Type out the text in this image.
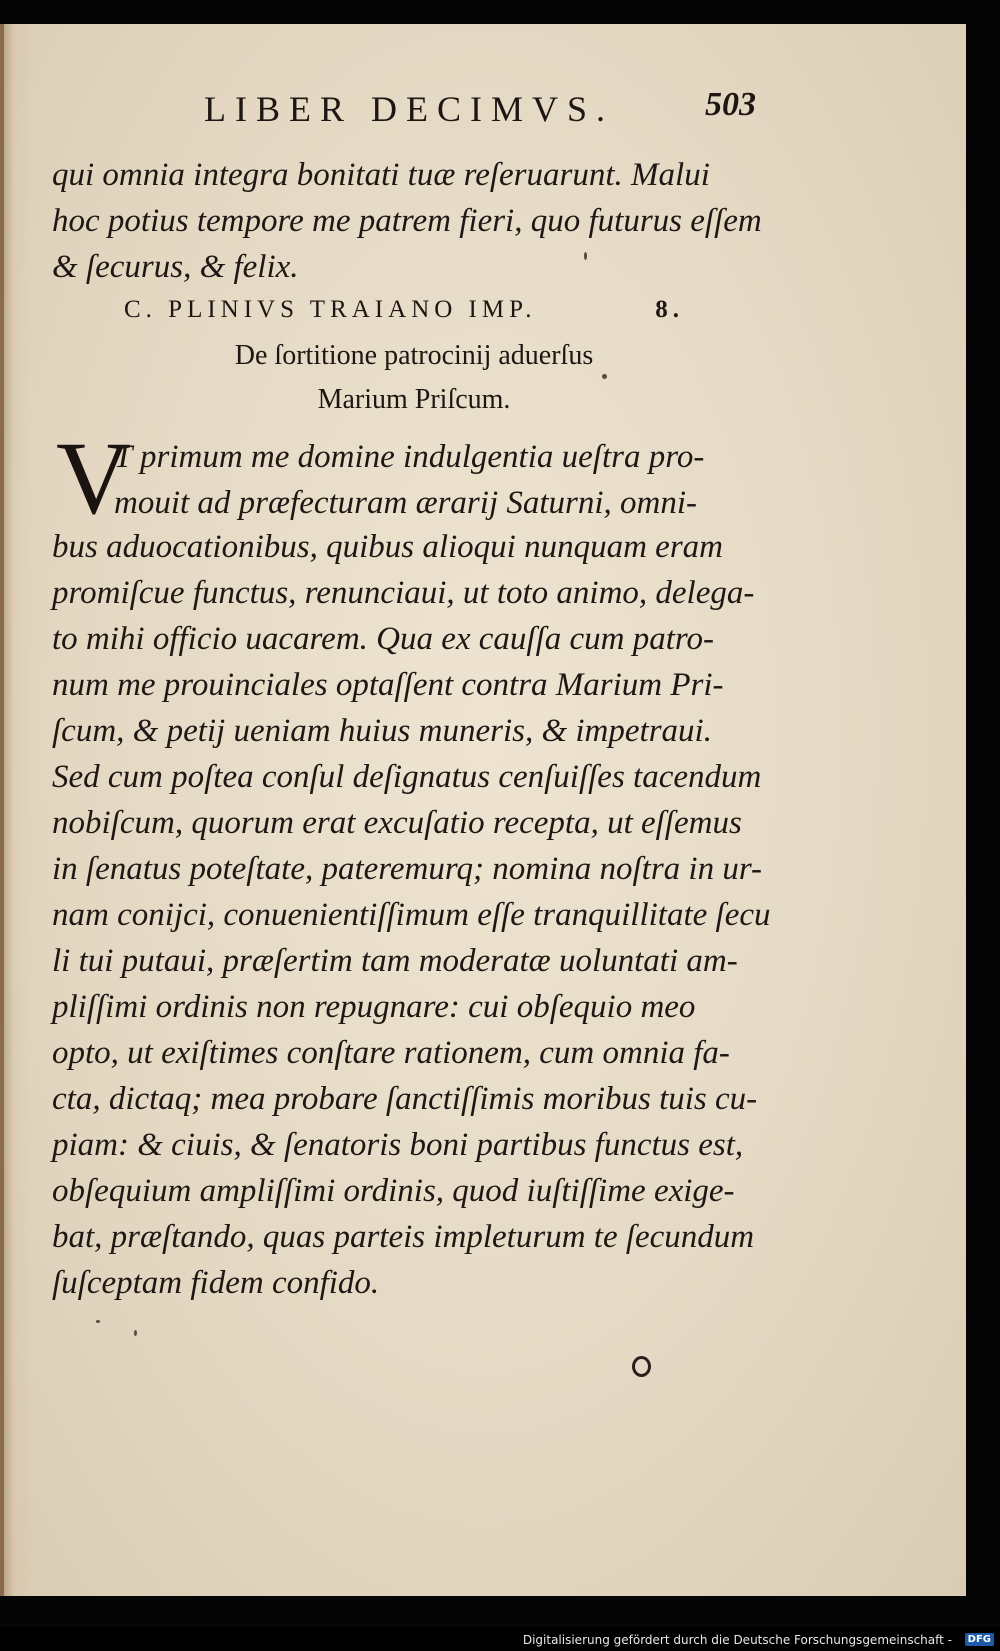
LIBER DECIMVS.	503
qui omnia integra bonitati tuæ reſeruarunt. Malui
hoc potius tempore me patrem fieri, quo futurus eſſem
& ſecurus, & felix.
C. PLINIVS TRAIANO IMP.	8.
De ſortitione patrocinij aduerſus
Marium Priſcum.
V
T primum me domine indulgentia ueſtra pro-
mouit ad præfecturam ærarij Saturni, omni-
bus aduocationibus, quibus alioqui nunquam eram
promiſcue functus, renunciaui, ut toto animo, delega-
to mihi officio uacarem. Qua ex cauſſa cum patro-
num me prouinciales optaſſent contra Marium Pri-
ſcum, & petij ueniam huius muneris, & impetraui.
Sed cum poſtea conſul deſignatus cenſuiſſes tacendum
nobiſcum, quorum erat excuſatio recepta, ut eſſemus
in ſenatus poteſtate, pateremurq; nomina noſtra in ur-
nam conijci, conuenientiſſimum eſſe tranquillitate ſecu
li tui putaui, præſertim tam moderatæ uoluntati am-
pliſſimi ordinis non repugnare: cui obſequio meo
opto, ut exiſtimes conſtare rationem, cum omnia fa-
cta, dictaq; mea probare ſanctiſſimis moribus tuis cu-
piam: & ciuis, & ſenatoris boni partibus functus est,
obſequium ampliſſimi ordinis, quod iuſtiſſime exige-
bat, præſtando, quas parteis impleturum te ſecundum
ſuſceptam fidem confido.
Digitalisierung gefördert durch die Deutsche Forschungsgemeinschaft -	DFG
